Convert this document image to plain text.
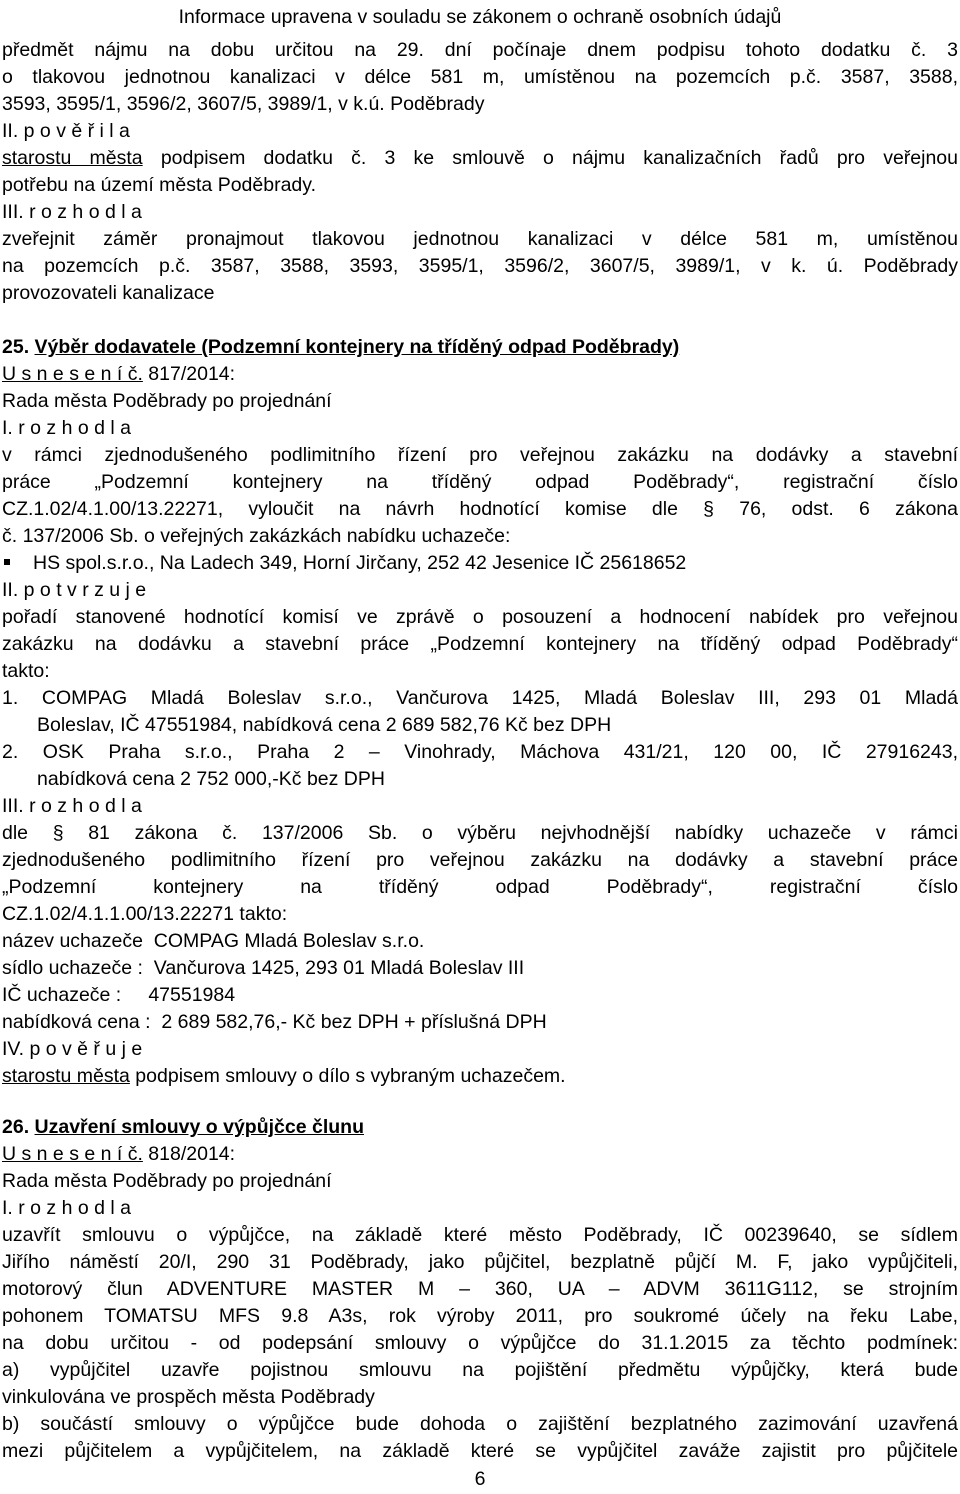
Informace upravena v souladu se zákonem o ochraně osobních údajů
předmět nájmu na dobu určitou na 29. dní počínaje dnem podpisu tohoto dodatku č. 3
o tlakovou jednotnou kanalizaci v délce 581 m, umístěnou na pozemcích p.č. 3587, 3588,
3593, 3595/1, 3596/2, 3607/5, 3989/1, v k.ú. Poděbrady
II. p o v ě ř i l a
starostu města podpisem dodatku č. 3 ke smlouvě o nájmu kanalizačních řadů pro veřejnou
potřebu na území města Poděbrady.
III. r o z h o d l a
zveřejnit záměr pronajmout tlakovou jednotnou kanalizaci v délce 581 m, umístěnou
na pozemcích p.č. 3587, 3588, 3593, 3595/1, 3596/2, 3607/5, 3989/1, v k. ú. Poděbrady
provozovateli kanalizace
25. Výběr dodavatele (Podzemní kontejnery na tříděný odpad Poděbrady)
U s n e s e n í č. 817/2014:
Rada města Poděbrady po projednání
I. r o z h o d l a
v rámci zjednodušeného podlimitního řízení pro veřejnou zakázku na dodávky a stavební
práce „Podzemní kontejnery na tříděný odpad Poděbrady“, registrační číslo
CZ.1.02/4.1.00/13.22271, vyloučit na návrh hodnotící komise dle § 76, odst. 6 zákona
č. 137/2006 Sb. o veřejných zakázkách nabídku uchazeče:
HS spol.s.r.o., Na Ladech 349, Horní Jirčany, 252 42 Jesenice IČ 25618652
II. p o t v r z u j e
pořadí stanovené hodnotící komisí ve zprávě o posouzení a hodnocení nabídek pro veřejnou
zakázku na dodávku a stavební práce „Podzemní kontejnery na tříděný odpad Poděbrady“
takto:
1. COMPAG Mladá Boleslav s.r.o., Vančurova 1425, Mladá Boleslav III, 293 01 Mladá
Boleslav, IČ 47551984, nabídková cena 2 689 582,76 Kč bez DPH
2. OSK Praha s.r.o., Praha 2 – Vinohrady, Máchova 431/21, 120 00, IČ 27916243,
nabídková cena 2 752 000,-Kč bez DPH
III. r o z h o d l a
dle § 81 zákona č. 137/2006 Sb. o výběru nejvhodnější nabídky uchazeče v rámci
zjednodušeného podlimitního řízení pro veřejnou zakázku na dodávky a stavební práce
„Podzemní kontejnery na tříděný odpad Poděbrady“, registrační číslo
CZ.1.02/4.1.1.00/13.22271 takto:
název uchazeče  COMPAG Mladá Boleslav s.r.o.
sídlo uchazeče :  Vančurova 1425, 293 01 Mladá Boleslav III
IČ uchazeče :     47551984
nabídková cena :  2 689 582,76,- Kč bez DPH + příslušná DPH
IV. p o v ě ř u j e
starostu města podpisem smlouvy o dílo s vybraným uchazečem.
26. Uzavření smlouvy o výpůjčce člunu
U s n e s e n í č. 818/2014:
Rada města Poděbrady po projednání
I. r o z h o d l a
uzavřít smlouvu o výpůjčce, na základě které město Poděbrady, IČ 00239640, se sídlem
Jiřího náměstí 20/I, 290 31 Poděbrady, jako půjčitel, bezplatně půjčí M. F, jako vypůjčiteli,
motorový člun ADVENTURE MASTER M – 360, UA – ADVM 3611G112, se strojním
pohonem TOMATSU MFS 9.8 A3s, rok výroby 2011, pro soukromé účely na řeku Labe,
na dobu určitou - od podepsání smlouvy o výpůjčce do 31.1.2015 za těchto podmínek:
a) vypůjčitel uzavře pojistnou smlouvu na pojištění předmětu výpůjčky, která bude
vinkulována ve prospěch města Poděbrady
b) součástí smlouvy o výpůjčce bude dohoda o zajištění bezplatného zazimování uzavřená
mezi půjčitelem a vypůjčitelem, na základě které se vypůjčitel zaváže zajistit pro půjčitele
6
